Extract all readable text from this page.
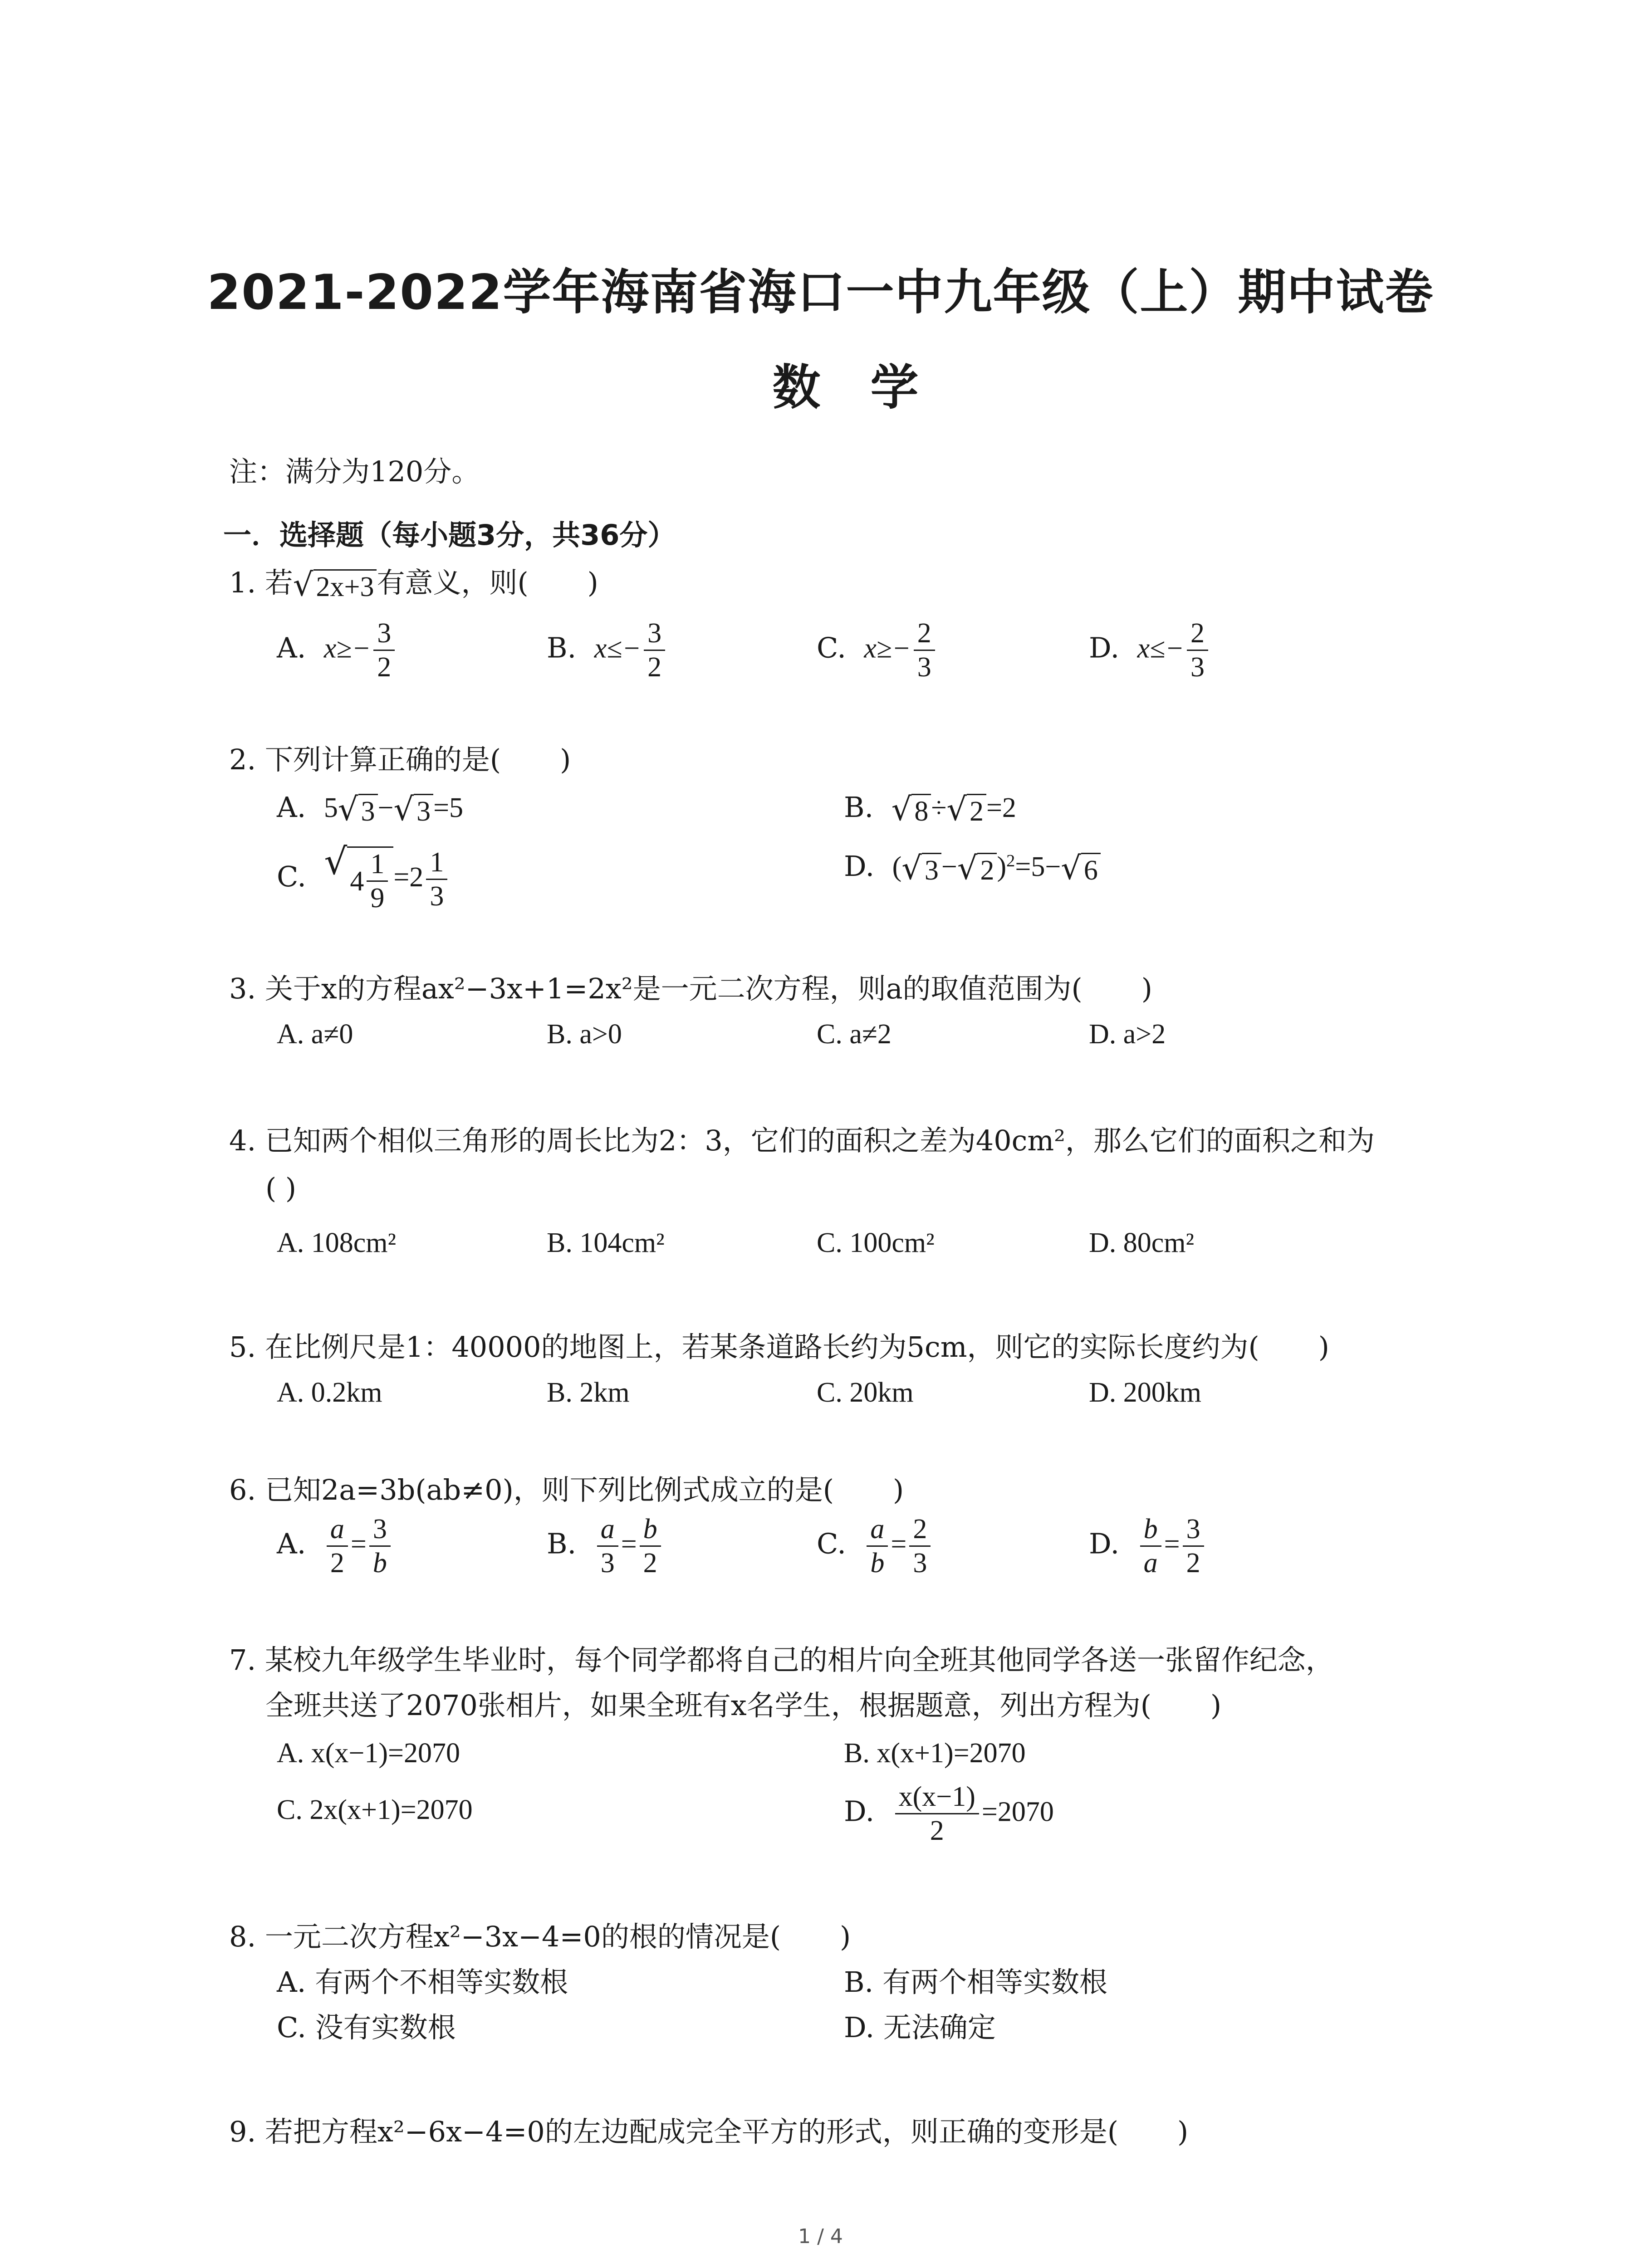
2021-2022学年海南省海口一中九年级（上）期中试卷
数学
注：满分为120分。
一．选择题（每小题3分，共36分）
1. 若 √ 2x+3 有意义，则( )
A. $x\ge- \frac{3}{2}$	B. $x\le- \frac{3}{2}$	C. $x\ge- \frac{2}{3}$	D. $x\le- \frac{2}{3}$
2. 下列计算正确的是( )
A. 5 √ 3 − √ 3 =5	B. √ 8 ÷ √ 2 =2
C. √ $4 \frac{1}{9} =2 \frac{1}{3}$	D. ( √ 3 − √ 2 )$^2$=5− √ 6
3. 关于x的方程ax²−3x+1=2x²是一元二次方程，则a的取值范围为( )
A. a≠0	B. a>0	C. a≠2	D. a>2
4. 已知两个相似三角形的周长比为2：3，它们的面积之差为40cm²，那么它们的面积之和为
( )
A. 108cm²	B. 104cm²	C. 100cm²	D. 80cm²
5. 在比例尺是1：40000的地图上，若某条道路长约为5cm，则它的实际长度约为( )
A. 0.2km	B. 2km	C. 20km	D. 200km
6. 已知2a=3b(ab≠0)，则下列比例式成立的是( )
A. $\frac{a}{2} = \frac{3}{b}$	B. $\frac{a}{3} = \frac{b}{2}$	C. $\frac{a}{b} = \frac{2}{3}$	D. $\frac{b}{a} = \frac{3}{2}$
7. 某校九年级学生毕业时，每个同学都将自己的相片向全班其他同学各送一张留作纪念，
全班共送了2070张相片，如果全班有x名学生，根据题意，列出方程为( )
A. x(x−1)=2070	B. x(x+1)=2070
C. 2x(x+1)=2070	D. $\frac{x(x-1)}{2} =2070$
8. 一元二次方程x²−3x−4=0的根的情况是( )
A. 有两个不相等实数根	B. 有两个相等实数根
C. 没有实数根	D. 无法确定
9. 若把方程x²−6x−4=0的左边配成完全平方的形式，则正确的变形是( )
1 / 4
